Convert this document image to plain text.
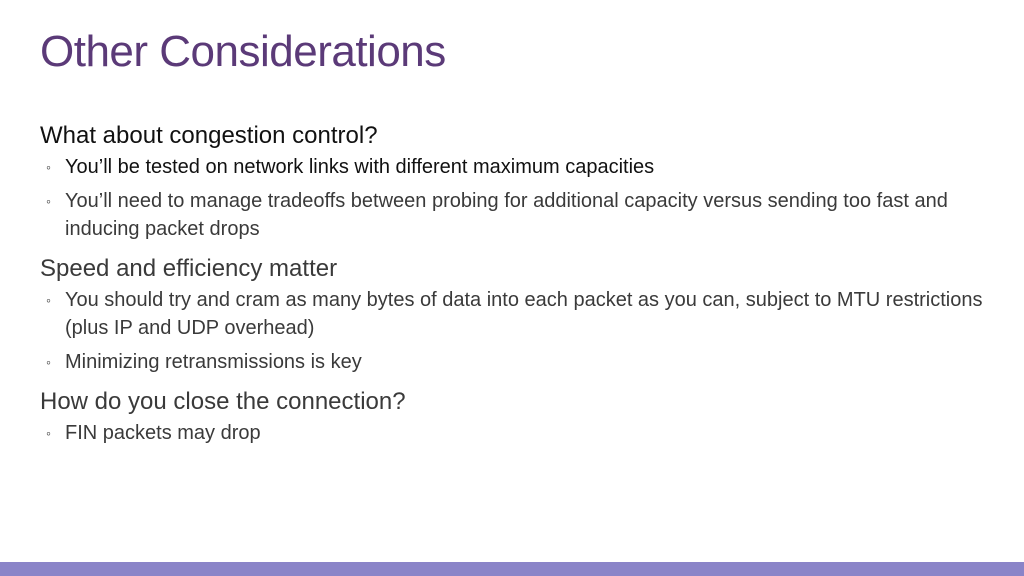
Other Considerations

What about congestion control?

◦ You’ll be tested on network links with different maximum capacities
◦ You’ll need to manage tradeoffs between probing for additional capacity versus sending too fast and inducing packet drops

Speed and efficiency matter

◦ You should try and cram as many bytes of data into each packet as you can, subject to MTU restrictions (plus IP and UDP overhead)
◦ Minimizing retransmissions is key

How do you close the connection?

◦ FIN packets may drop
